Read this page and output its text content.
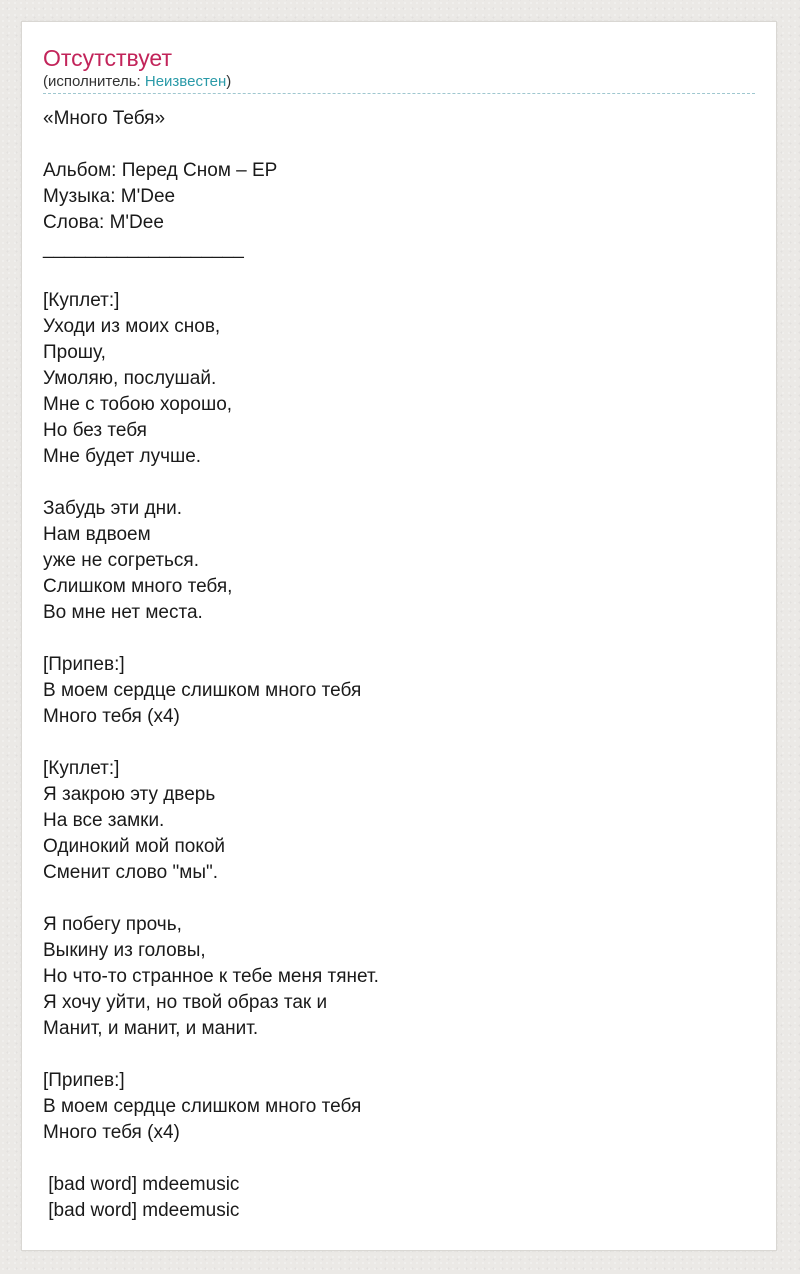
Отсутствует
(исполнитель: Неизвестен)
«Много Тебя»

Альбом: Перед Сном – EP
Музыка: M'Dee
Слова: M'Dee
___________________

[Куплет:]
Уходи из моих снов,
Прошу,
Умоляю, послушай.
Мне с тобою хорошо,
Но без тебя
Мне будет лучше.

Забудь эти дни.
Нам вдвоем
уже не согреться.
Слишком много тебя,
Во мне нет места.

[Припев:]
В моем сердце слишком много тебя
Много тебя (х4)

[Куплет:]
Я закрою эту дверь
На все замки.
Одинокий мой покой
Сменит слово "мы".

Я побегу прочь,
Выкину из головы,
Но что-то странное к тебе меня тянет.
Я хочу уйти, но твой образ так и
Манит, и манит, и манит.

[Припев:]
В моем сердце слишком много тебя
Много тебя (х4)

[bad word] mdeemusic
[bad word] mdeemusic
